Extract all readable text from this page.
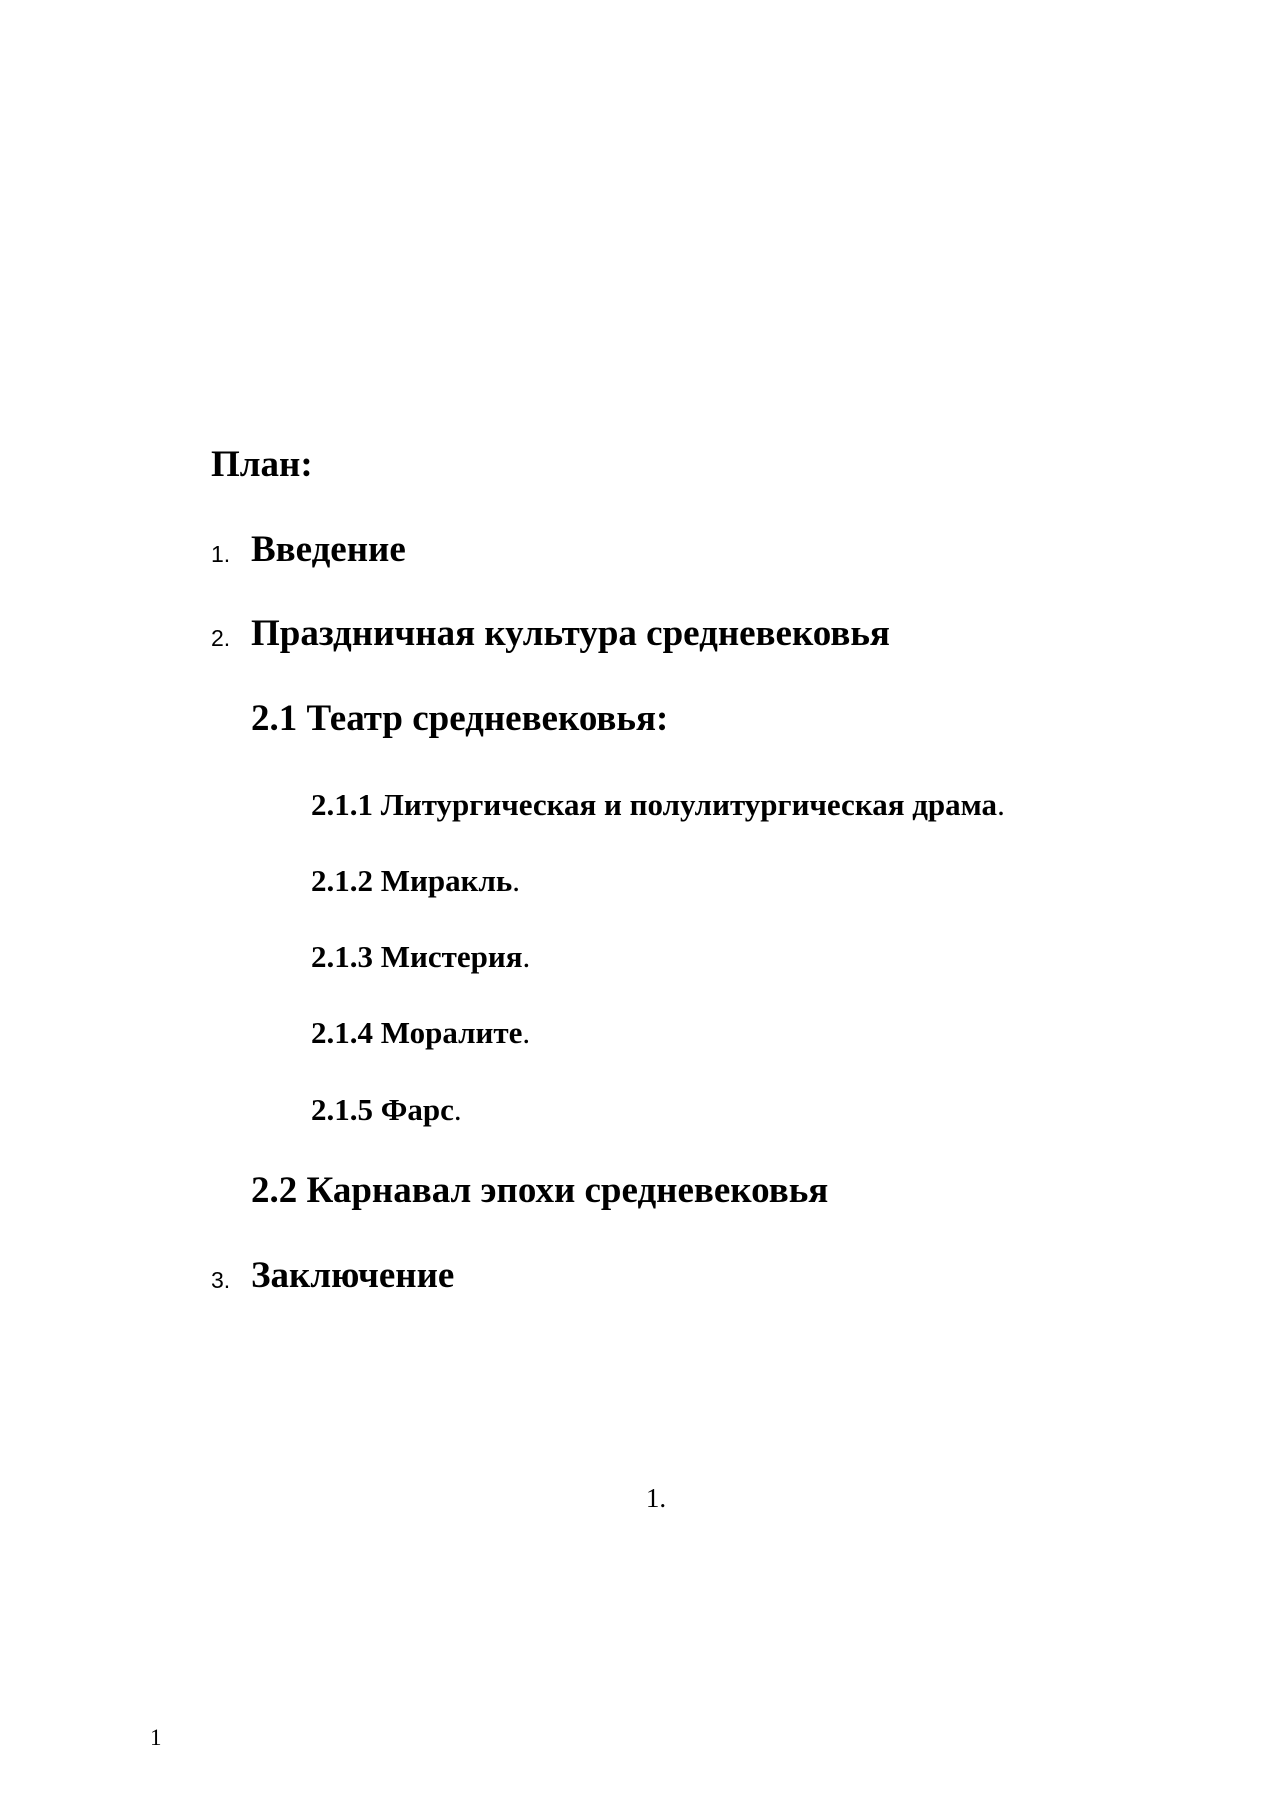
План:
1. Введение
2. Праздничная культура средневековья
2.1 Театр средневековья:
2.1.1 Литургическая и полулитургическая драма.
2.1.2 Миракль.
2.1.3 Мистерия.
2.1.4 Моралите.
2.1.5 Фарс.
2.2 Карнавал эпохи средневековья
3. Заключение
1.
1
